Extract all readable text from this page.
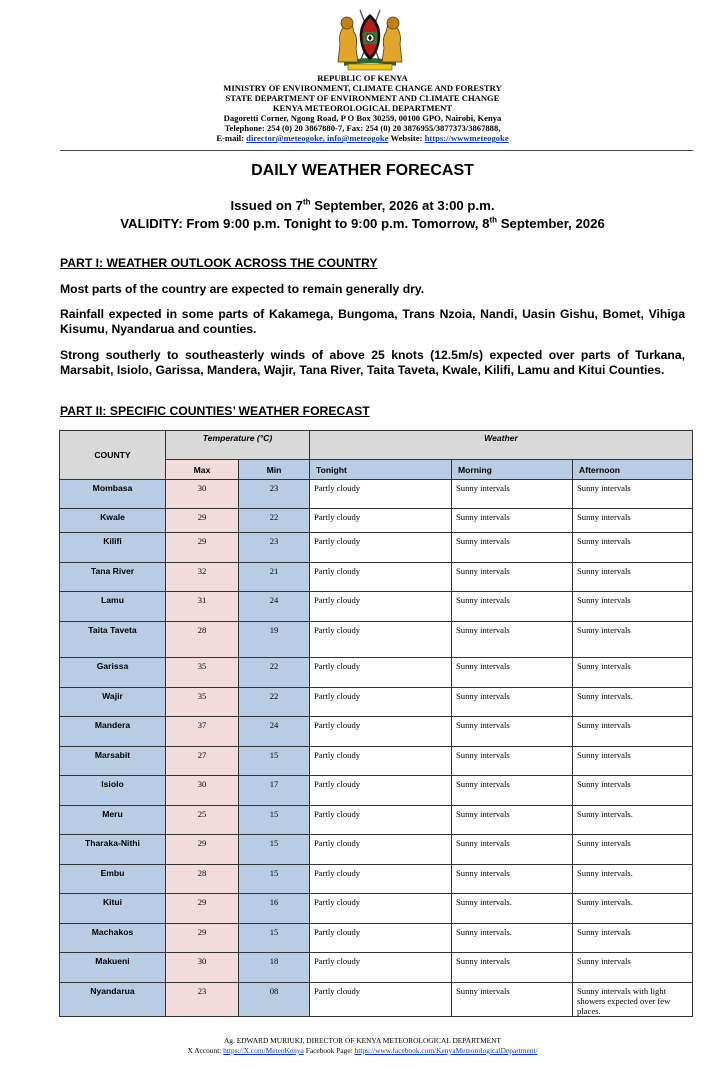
REPUBLIC OF KENYA
MINISTRY OF ENVIRONMENT, CLIMATE CHANGE AND FORESTRY
STATE DEPARTMENT OF ENVIRONMENT AND CLIMATE CHANGE
KENYA METEOROLOGICAL DEPARTMENT
Dagoretti Corner, Ngong Road, P O Box 30259, 00100 GPO, Nairobi, Kenya
Telephone: 254 (0) 20 3867880-7, Fax: 254 (0) 20 3876955/3877373/3867888,
E-mail: director@meteogoke, info@meteogoke Website: https://wwwmeteogoke
DAILY WEATHER FORECAST
Issued on 7th September, 2026 at 3:00 p.m.
VALIDITY: From 9:00 p.m. Tonight to 9:00 p.m. Tomorrow, 8th September, 2026
PART I: WEATHER OUTLOOK ACROSS THE COUNTRY
Most parts of the country are expected to remain generally dry.
Rainfall expected in some parts of Kakamega, Bungoma, Trans Nzoia, Nandi, Uasin Gishu, Bomet, Vihiga Kisumu, Nyandarua and counties.
Strong southerly to southeasterly winds of above 25 knots (12.5m/s) expected over parts of Turkana, Marsabit, Isiolo, Garissa, Mandera, Wajir, Tana River, Taita Taveta, Kwale, Kilifi, Lamu and Kitui Counties.
PART II: SPECIFIC COUNTIES’ WEATHER FORECAST
COUNTY	Temperature (°C)		Weather		
	Max	Min	Tonight	Morning	Afternoon
Mombasa	30	23	Partly cloudy	Sunny intervals	Sunny intervals
Kwale	29	22	Partly cloudy	Sunny intervals	Sunny intervals
Kilifi	29	23	Partly cloudy	Sunny intervals	Sunny intervals
Tana River	32	21	Partly cloudy	Sunny intervals	Sunny intervals
Lamu	31	24	Partly cloudy	Sunny intervals	Sunny intervals
Taita Taveta	28	19	Partly cloudy	Sunny intervals	Sunny intervals
Garissa	35	22	Partly cloudy	Sunny intervals	Sunny intervals
Wajir	35	22	Partly cloudy	Sunny intervals	Sunny intervals.
Mandera	37	24	Partly cloudy	Sunny intervals	Sunny intervals
Marsabit	27	15	Partly cloudy	Sunny intervals	Sunny intervals
Isiolo	30	17	Partly cloudy	Sunny intervals	Sunny intervals
Meru	25	15	Partly cloudy	Sunny intervals	Sunny intervals.
Tharaka-Nithi	29	15	Partly cloudy	Sunny intervals	Sunny intervals
Embu	28	15	Partly cloudy	Sunny intervals	Sunny intervals.
Kitui	29	16	Partly cloudy	Sunny intervals.	Sunny intervals.
Machakos	29	15	Partly cloudy	Sunny intervals.	Sunny intervals
Makueni	30	18	Partly cloudy	Sunny intervals	Sunny intervals
Nyandarua	23	08	Partly cloudy	Sunny intervals	Sunny intervals with light showers expected over few places.
Ag. EDWARD MURIUKI, DIRECTOR OF KENYA METEOROLOGICAL DEPARTMENT
X Account: https://X.com/MeteoKenya Facebook Page: https://www.facebook.com/KenyaMeteorologicalDepartment/
